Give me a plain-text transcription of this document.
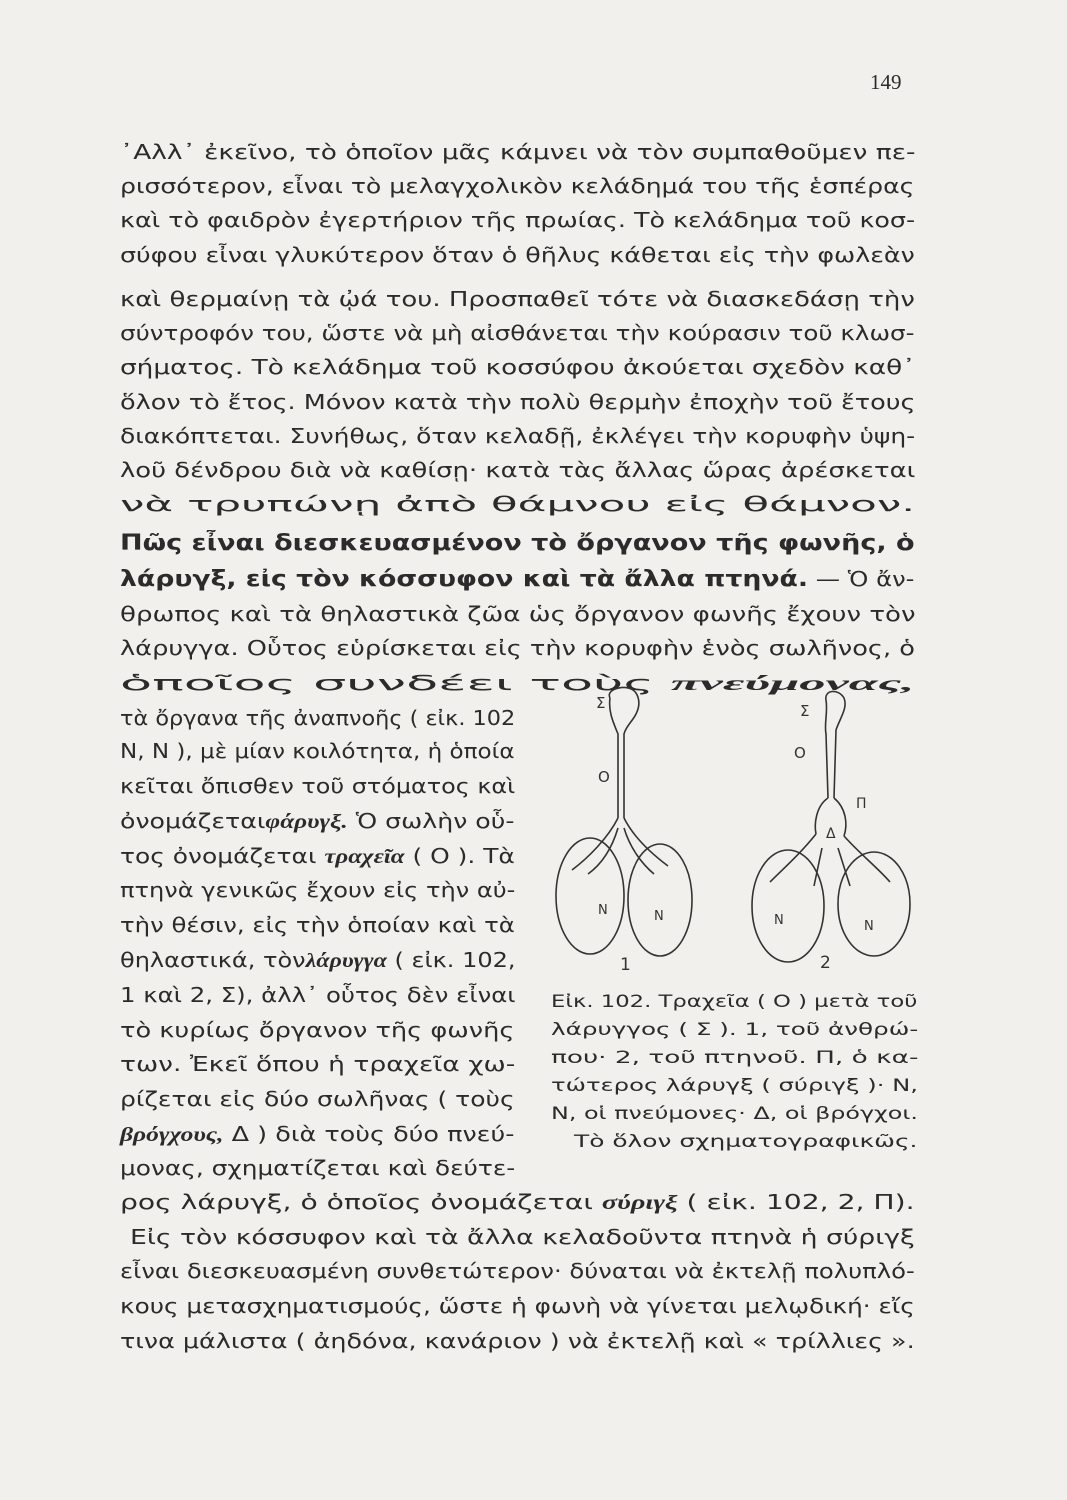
149
᾿Αλλ᾿ ἐκεῖνο, τὸ ὁποῖον μᾶς κάμνει νὰ τὸν συμπαθοῦμεν πε-
ρισσότερον, εἶναι τὸ μελαγχολικὸν κελάδημά του τῆς ἑσπέρας
καὶ τὸ φαιδρὸν ἐγερτήριον τῆς πρωίας. Τὸ κελάδημα τοῦ κοσ-
σύφου εἶναι γλυκύτερον ὅταν ὁ θῆλυς κάθεται εἰς τὴν φωλεὰν
καὶ θερμαίνῃ τὰ ᾠά του. Προσπαθεῖ τότε νὰ διασκεδάσῃ τὴν
σύντροφόν του, ὥστε νὰ μὴ αἰσθάνεται τὴν κούρασιν τοῦ κλωσ-
σήματος. Τὸ κελάδημα τοῦ κοσσύφου ἀκούεται σχεδὸν καθ᾿
ὅλον τὸ ἔτος. Μόνον κατὰ τὴν πολὺ θερμὴν ἐποχὴν τοῦ ἔτους
διακόπτεται. Συνήθως, ὅταν κελαδῇ, ἐκλέγει τὴν κορυφὴν ὑψη-
λοῦ δένδρου διὰ νὰ καθίσῃ· κατὰ τὰς ἄλλας ὥρας ἀρέσκεται
νὰ τρυπώνῃ ἀπὸ θάμνου εἰς θάμνον.
Πῶς εἶναι διεσκευασμένον τὸ ὄργανον τῆς φωνῆς, ὁ
λάρυγξ, εἰς τὸν κόσσυφον καὶ τὰ ἄλλα πτηνά. — Ὁ ἄν-
θρωπος καὶ τὰ θηλαστικὰ ζῶα ὡς ὄργανον φωνῆς ἔχουν τὸν
λάρυγγα. Οὗτος εὑρίσκεται εἰς τὴν κορυφὴν ἑνὸς σωλῆνος, ὁ
ὁποῖος συνδέει τοὺς πνεύμονας,
τὰ ὄργανα τῆς ἀναπνοῆς ( εἰκ. 102
Ν, Ν ), μὲ μίαν κοιλότητα, ἡ ὁποία
κεῖται ὄπισθεν τοῦ στόματος καὶ
ὀνομάζεταιφάρυγξ. Ὁ σωλὴν οὗ-
τος ὀνομάζεται τραχεῖα ( Ο ). Τὰ
πτηνὰ γενικῶς ἔχουν εἰς τὴν αὐ-
τὴν θέσιν, εἰς τὴν ὁποίαν καὶ τὰ
θηλαστικά, τὸνλάρυγγα ( εἰκ. 102,
1 καὶ 2, Σ), ἀλλ᾿ οὗτος δὲν εἶναι
τὸ κυρίως ὄργανον τῆς φωνῆς
των. Ἐκεῖ ὅπου ἡ τραχεῖα χω-
ρίζεται εἰς δύο σωλῆνας ( τοὺς
βρόγχους, Δ ) διὰ τοὺς δύο πνεύ-
μονας, σχηματίζεται καὶ δεύτε-
ρος λάρυγξ, ὁ ὁποῖος ὀνομάζεται σύριγξ ( εἰκ. 102, 2, Π).
Εἰς τὸν κόσσυφον καὶ τὰ ἄλλα κελαδοῦντα πτηνὰ ἡ σύριγξ
εἶναι διεσκευασμένη συνθετώτερον· δύναται νὰ ἐκτελῇ πολυπλό-
κους μετασχηματισμούς, ὥστε ἡ φωνὴ νὰ γίνεται μελῳδική· εἴς
τινα μάλιστα ( ἀηδόνα, κανάριον ) νὰ ἐκτελῇ καὶ « τρίλλιες ».
Σ
Ο
Ν	Ν
1
Σ
Ο
Π
Δ
Ν	Ν
2
Εἰκ. 102. Τραχεῖα ( Ο ) μετὰ τοῦ
λάρυγγος ( Σ ). 1, τοῦ ἀνθρώ-
που· 2, τοῦ πτηνοῦ. Π, ὁ κα-
τώτερος λάρυγξ ( σύριγξ )· Ν,
Ν, οἱ πνεύμονες· Δ, οἱ βρόγχοι.
Τὸ ὅλον σχηματογραφικῶς.
